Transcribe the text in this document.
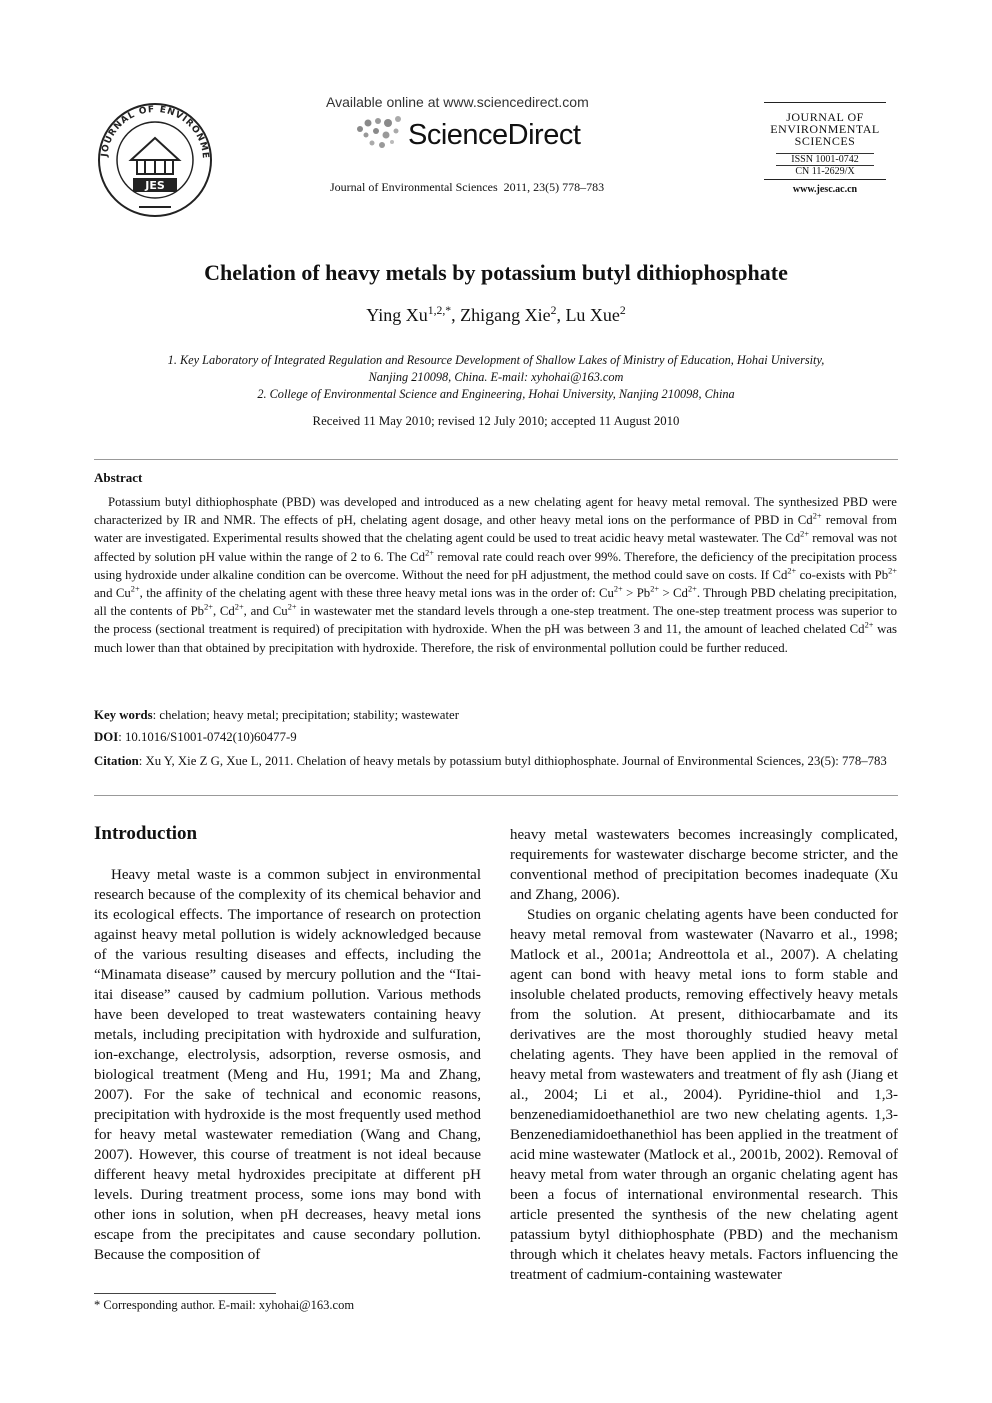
JOURNAL OF ENVIRONME
JES
Available online at www.sciencedirect.com
ScienceDirect
Journal of Environmental Sciences  2011, 23(5) 778–783
JOURNAL OF
ENVIRONMENTAL
SCIENCES
ISSN 1001-0742
CN 11-2629/X
www.jesc.ac.cn
Chelation of heavy metals by potassium butyl dithiophosphate
Ying $Xu^{1,2,*}$, Zhigang Xie$^2$, Lu Xue$^2$
1. Key Laboratory of Integrated Regulation and Resource Development of Shallow Lakes of Ministry of Education, Hohai University,
Nanjing 210098, China. E-mail: xyhohai@163.com
2. College of Environmental Science and Engineering, Hohai University, Nanjing 210098, China
Received 11 May 2010; revised 12 July 2010; accepted 11 August 2010
Abstract
Potassium butyl dithiophosphate (PBD) was developed and introduced as a new chelating agent for heavy metal removal. The synthesized PBD were characterized by IR and NMR. The effects of pH, chelating agent dosage, and other heavy metal ions on the performance of PBD in $Cd^{2+}$ removal from water are investigated. Experimental results showed that the chelating agent could be used to treat acidic heavy metal wastewater. The $Cd^{2+}$ removal was not affected by solution pH value within the range of 2 to 6. The $Cd^{2+}$ removal rate could reach over 99%. Therefore, the deficiency of the precipitation process using hydroxide under alkaline condition can be overcome. Without the need for pH adjustment, the method could save on costs. If $Cd^{2+}$ co-exists with $Pb^{2+}$ and $Cu^{2+}$, the affinity of the chelating agent with these three heavy metal ions was in the order of: $Cu^{2+} > Pb^{2+} > Cd^{2+}$. Through PBD chelating precipitation, all the contents of $Pb^{2+}$, $Cd^{2+}$, and $Cu^{2+}$ in wastewater met the standard levels through a one-step treatment. The one-step treatment process was superior to the process (sectional treatment is required) of precipitation with hydroxide. When the pH was between 3 and 11, the amount of leached chelated $Cd^{2+}$ was much lower than that obtained by precipitation with hydroxide. Therefore, the risk of environmental pollution could be further reduced.
Key words: chelation; heavy metal; precipitation; stability; wastewater
DOI: 10.1016/S1001-0742(10)60477-9
Citation: Xu Y, Xie Z G, Xue L, 2011. Chelation of heavy metals by potassium butyl dithiophosphate. Journal of Environmental Sciences, 23(5): 778–783
Introduction
Heavy metal waste is a common subject in environmental research because of the complexity of its chemical behavior and its ecological effects. The importance of research on protection against heavy metal pollution is widely acknowledged because of the various resulting diseases and effects, including the “Minamata disease” caused by mercury pollution and the “Itai-itai disease” caused by cadmium pollution. Various methods have been developed to treat wastewaters containing heavy metals, including precipitation with hydroxide and sulfuration, ion-exchange, electrolysis, adsorption, reverse osmosis, and biological treatment (Meng and Hu, 1991; Ma and Zhang, 2007). For the sake of technical and economic reasons, precipitation with hydroxide is the most frequently used method for heavy metal wastewater remediation (Wang and Chang, 2007). However, this course of treatment is not ideal because different heavy metal hydroxides precipitate at different pH levels. During treatment process, some ions may bond with other ions in solution, when pH decreases, heavy metal ions escape from the precipitates and cause secondary pollution. Because the composition of
heavy metal wastewaters becomes increasingly complicated, requirements for wastewater discharge become stricter, and the conventional method of precipitation becomes inadequate (Xu and Zhang, 2006).
Studies on organic chelating agents have been conducted for heavy metal removal from wastewater (Navarro et al., 1998; Matlock et al., 2001a; Andreottola et al., 2007). A chelating agent can bond with heavy metal ions to form stable and insoluble chelated products, removing effectively heavy metals from the solution. At present, dithiocarbamate and its derivatives are the most thoroughly studied heavy metal chelating agents. They have been applied in the removal of heavy metal from wastewaters and treatment of fly ash (Jiang et al., 2004; Li et al., 2004). Pyridine-thiol and 1,3-benzenediamidoethanethiol are two new chelating agents. 1,3-Benzenediamidoethanethiol has been applied in the treatment of acid mine wastewater (Matlock et al., 2001b, 2002). Removal of heavy metal from water through an organic chelating agent has been a focus of international environmental research. This article presented the synthesis of the new chelating agent patassium bytyl dithiophosphate (PBD) and the mechanism through which it chelates heavy metals. Factors influencing the treatment of cadmium-containing wastewater
* Corresponding author. E-mail: xyhohai@163.com
